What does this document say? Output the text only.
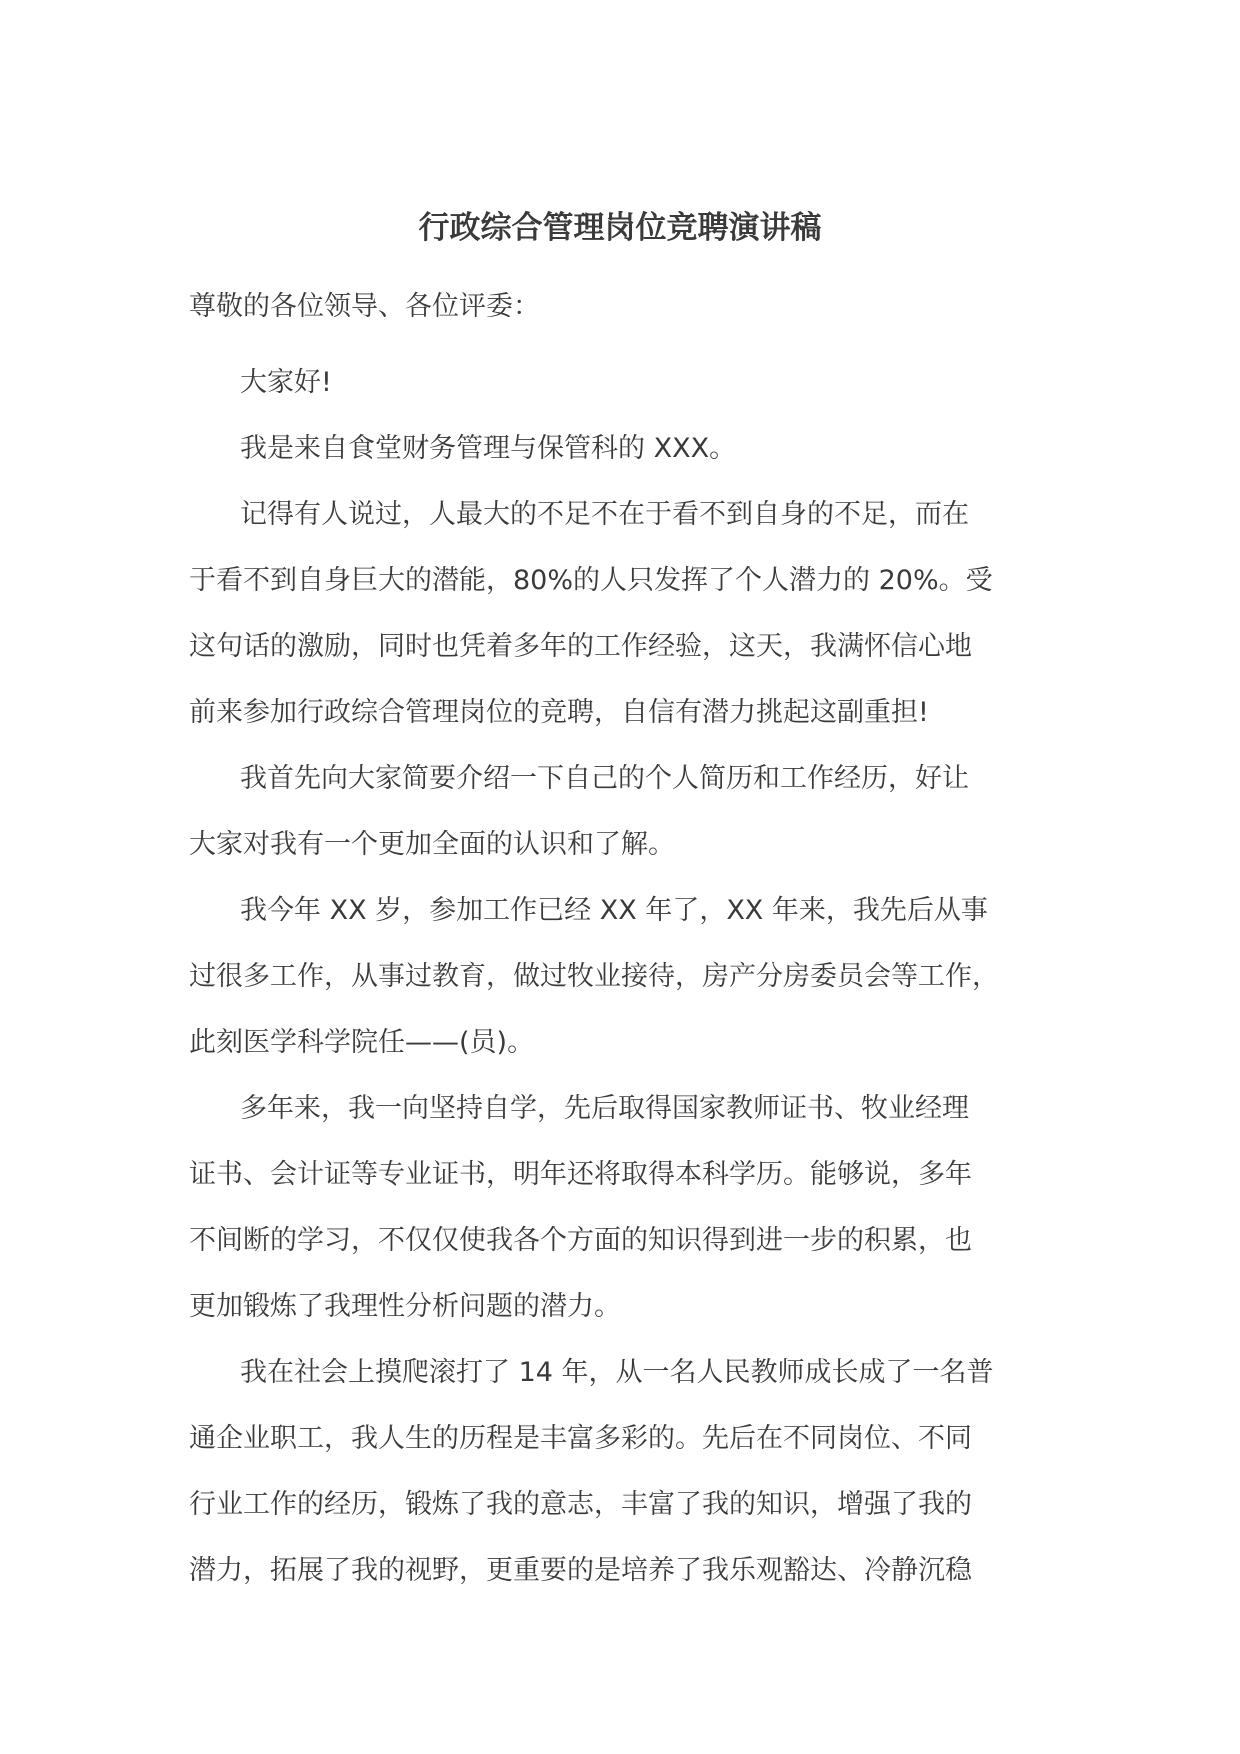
行政综合管理岗位竞聘演讲稿
尊敬的各位领导、各位评委：
大家好!
我是来自食堂财务管理与保管科的 XXX。
记得有人说过，人最大的不足不在于看不到自身的不足，而在
于看不到自身巨大的潜能，80%的人只发挥了个人潜力的 20%。受
这句话的激励，同时也凭着多年的工作经验，这天，我满怀信心地
前来参加行政综合管理岗位的竞聘，自信有潜力挑起这副重担!
我首先向大家简要介绍一下自己的个人简历和工作经历，好让
大家对我有一个更加全面的认识和了解。
我今年 XX 岁，参加工作已经 XX 年了，XX 年来，我先后从事
过很多工作，从事过教育，做过牧业接待，房产分房委员会等工作，
此刻医学科学院任——(员)。
多年来，我一向坚持自学，先后取得国家教师证书、牧业经理
证书、会计证等专业证书，明年还将取得本科学历。能够说，多年
不间断的学习，不仅仅使我各个方面的知识得到进一步的积累，也
更加锻炼了我理性分析问题的潜力。
我在社会上摸爬滚打了 14 年，从一名人民教师成长成了一名普
通企业职工，我人生的历程是丰富多彩的。先后在不同岗位、不同
行业工作的经历，锻炼了我的意志，丰富了我的知识，增强了我的
潜力，拓展了我的视野，更重要的是培养了我乐观豁达、冷静沉稳
